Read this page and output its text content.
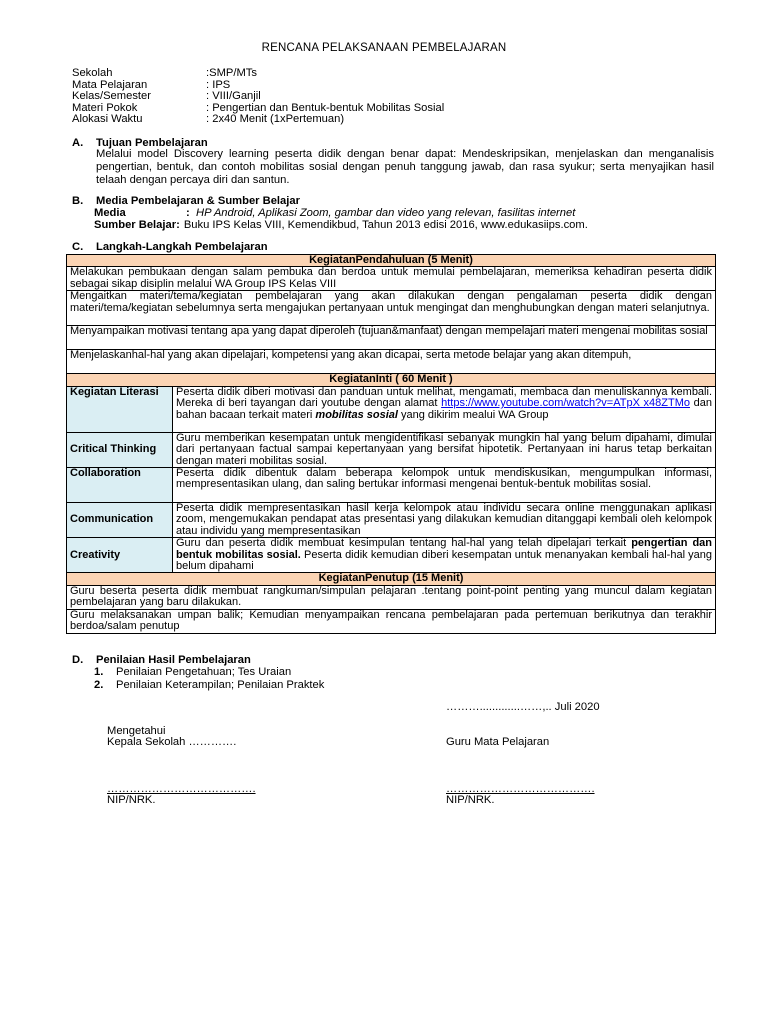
RENCANA PELAKSANAAN PEMBELAJARAN
Sekolah	:SMP/MTs
Mata Pelajaran	: IPS
Kelas/Semester	: VIII/Ganjil
Materi Pokok	: Pengertian dan Bentuk-bentuk Mobilitas Sosial
Alokasi Waktu	: 2x40 Menit (1xPertemuan)
A. Tujuan Pembelajaran
Melalui model Discovery learning peserta didik dengan benar dapat: Mendeskripsikan, menjelaskan dan menganalisis pengertian, bentuk, dan contoh mobilitas sosial dengan penuh tanggung jawab, dan rasa syukur; serta menyajikan hasil telaah dengan percaya diri dan santun.
B. Media Pembelajaran & Sumber Belajar
Media	: HP Android, Aplikasi Zoom, gambar dan video yang relevan, fasilitas internet
Sumber Belajar: Buku IPS Kelas VIII, Kemendikbud, Tahun 2013 edisi 2016, www.edukasiips.com.
C. Langkah-Langkah Pembelajaran
KegiatanPendahuluan (5 Menit)	
Melakukan pembukaan dengan salam pembuka dan berdoa untuk memulai pembelajaran, memeriksa kehadiran peserta didik sebagai sikap disiplin melalui WA Group IPS Kelas VIII	
Mengaitkan materi/tema/kegiatan pembelajaran yang akan dilakukan dengan pengalaman peserta didik dengan materi/tema/kegiatan sebelumnya serta mengajukan pertanyaan untuk mengingat dan menghubungkan dengan materi selanjutnya.	
Menyampaikan motivasi tentang apa yang dapat diperoleh (tujuan&manfaat) dengan mempelajari materi mengenai mobilitas sosial	
Menjelaskanhal-hal yang akan dipelajari, kompetensi yang akan dicapai, serta metode belajar yang akan ditempuh,	
KegiatanInti ( 60 Menit )	
Kegiatan Literasi	Peserta didik diberi motivasi dan panduan untuk melihat, mengamati, membaca dan menuliskannya kembali. Mereka di beri tayangan dari youtube dengan alamat https://www.youtube.com/watch?v=ATpX x48ZTMo dan bahan bacaan terkait materi mobilitas sosial yang dikirim mealui WA Group
Critical Thinking	Guru memberikan kesempatan untuk mengidentifikasi sebanyak mungkin hal yang belum dipahami, dimulai dari pertanyaan factual sampai kepertanyaan yang bersifat hipotetik. Pertanyaan ini harus tetap berkaitan dengan materi mobilitas sosial.
Collaboration	Peserta didik dibentuk dalam beberapa kelompok untuk mendiskusikan, mengumpulkan informasi, mempresentasikan ulang, dan saling bertukar informasi mengenai bentuk-bentuk mobilitas sosial.
Communication	Peserta didik mempresentasikan hasil kerja kelompok atau individu secara online menggunakan aplikasi zoom, mengemukakan pendapat atas presentasi yang dilakukan kemudian ditanggapi kembali oleh kelompok atau individu yang mempresentasikan
Creativity	Guru dan peserta didik membuat kesimpulan tentang hal-hal yang telah dipelajari terkait pengertian dan bentuk mobilitas sosial. Peserta didik kemudian diberi kesempatan untuk menanyakan kembali hal-hal yang belum dipahami
KegiatanPenutup (15 Menit)	
Guru beserta peserta didik membuat rangkuman/simpulan pelajaran .tentang point-point penting yang muncul dalam kegiatan pembelajaran yang baru dilakukan.	
Guru melaksanakan umpan balik; Kemudian menyampaikan rencana pembelajaran pada pertemuan berikutnya dan terakhir berdoa/salam penutup	
D. Penilaian Hasil Pembelajaran
1. Penilaian Pengetahuan; Tes Uraian
2. Penilaian Keterampilan; Penilaian Praktek
……….............……,.. Juli 2020
Mengetahui
Kepala Sekolah ………….	Guru Mata Pelajaran
………………………………….	………………………………….
NIP/NRK.	NIP/NRK.
